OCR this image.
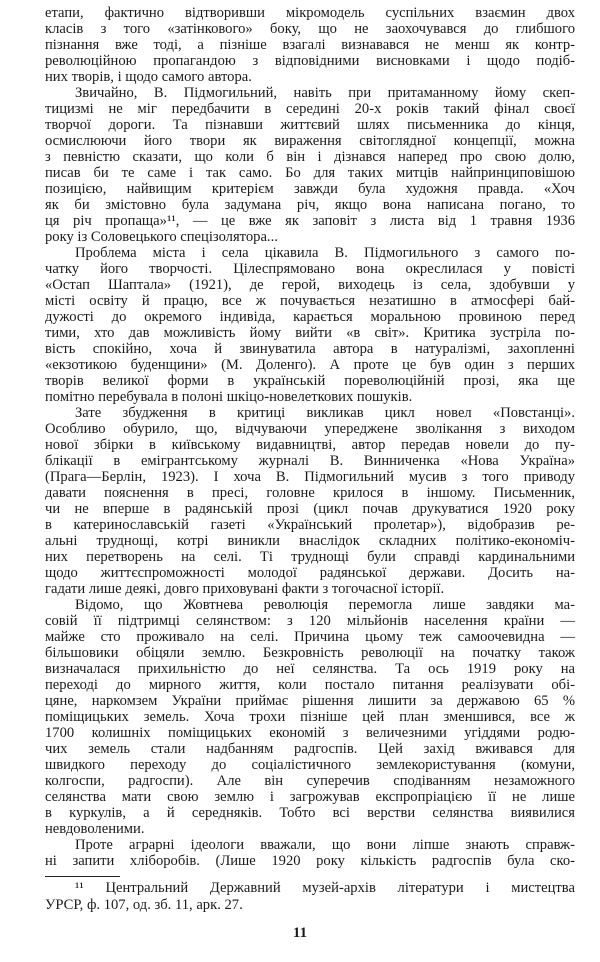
етапи, фактично відтворивши мікромодель суспільних взаємин двох
класів з того «затінкового» боку, що не заохочувався до глибшого
пізнання вже тоді, а пізніше взагалі визнавався не менш як контр-
революційною пропагандою з відповідними висновками і щодо подіб-
них творів, і щодо самого автора.
Звичайно, В. Підмогильний, навіть при притаманному йому скеп-
тицизмі не міг передбачити в середині 20-х років такий фінал своєї
творчої дороги. Та пізнавши життєвий шлях письменника до кінця,
осмислюючи його твори як вираження світоглядної концепції, можна
з певністю сказати, що коли б він і дізнався наперед про свою долю,
писав би те саме і так само. Бо для таких митців найпринциповішою
позицією, найвищим критерієм завжди була художня правда. «Хоч
як би змістовно була задумана річ, якщо вона написана погано, то
ця річ пропаща»¹¹, — це вже як заповіт з листа від 1 травня 1936
року із Соловецького спецізолятора...
Проблема міста і села цікавила В. Підмогильного з самого по-
чатку його творчості. Цілеспрямовано вона окреслилася у повісті
«Остап Шаптала» (1921), де герой, виходець із села, здобувши у
місті освіту й працю, все ж почувається незатишно в атмосфері бай-
дужості до окремого індивіда, карається моральною провиною перед
тими, хто дав можливість йому вийти «в світ». Критика зустріла по-
вість спокійно, хоча й звинуватила автора в натуралізмі, захопленні
«екзотикою буденщини» (М. Доленго). А проте це був один з перших
творів великої форми в українській пореволюційній прозі, яка ще
помітно перебувала в полоні шкіцо-новелеткових пошуків.
Зате збудження в критиці викликав цикл новел «Повстанці».
Особливо обурило, що, відчуваючи упереджене зволікання з виходом
нової збірки в київському видавництві, автор передав новели до пу-
блікації в емігрантському журналі В. Винниченка «Нова Україна»
(Прага—Берлін, 1923). І хоча В. Підмогильний мусив з того приводу
давати пояснення в пресі, головне крилося в іншому. Письменник,
чи не вперше в радянській прозі (цикл почав друкуватися 1920 року
в катеринославській газеті «Український пролетар»), відобразив ре-
альні труднощі, котрі виникли внаслідок складних політико-економіч-
них перетворень на селі. Ті труднощі були справді кардинальними
щодо життєспроможності молодої радянської держави. Досить на-
гадати лише деякі, довго приховувані факти з тогочасної історії.
Відомо, що Жовтнева революція перемогла лише завдяки ма-
совій її підтримці селянством: з 120 мільйонів населення країни —
майже сто проживало на селі. Причина цьому теж самоочевидна —
більшовики обіцяли землю. Безкровність революції на початку також
визначалася прихильністю до неї селянства. Та ось 1919 року на
переході до мирного життя, коли постало питання реалізувати обі-
цяне, наркомзем України приймає рішення лишити за державою 65 %
поміщицьких земель. Хоча трохи пізніше цей план зменшився, все ж
1700 колишніх поміщицьких економій з величезними угіддями родю-
чих земель стали надбанням радгоспів. Цей захід вживався для
швидкого переходу до соціалістичного землекористування (комуни,
колгоспи, радгоспи). Але він суперечив сподіванням незаможного
селянства мати свою землю і загрожував експропріацією її не лише
в куркулів, а й середняків. Тобто всі верстви селянства виявилися
невдоволеними.
Проте аграрні ідеологи вважали, що вони ліпше знають справж-
ні запити хліборобів. (Лише 1920 року кількість радгоспів була ско-
¹¹ Центральний Державний музей-архів літератури і мистецтва
УРСР, ф. 107, од. зб. 11, арк. 27.
11
